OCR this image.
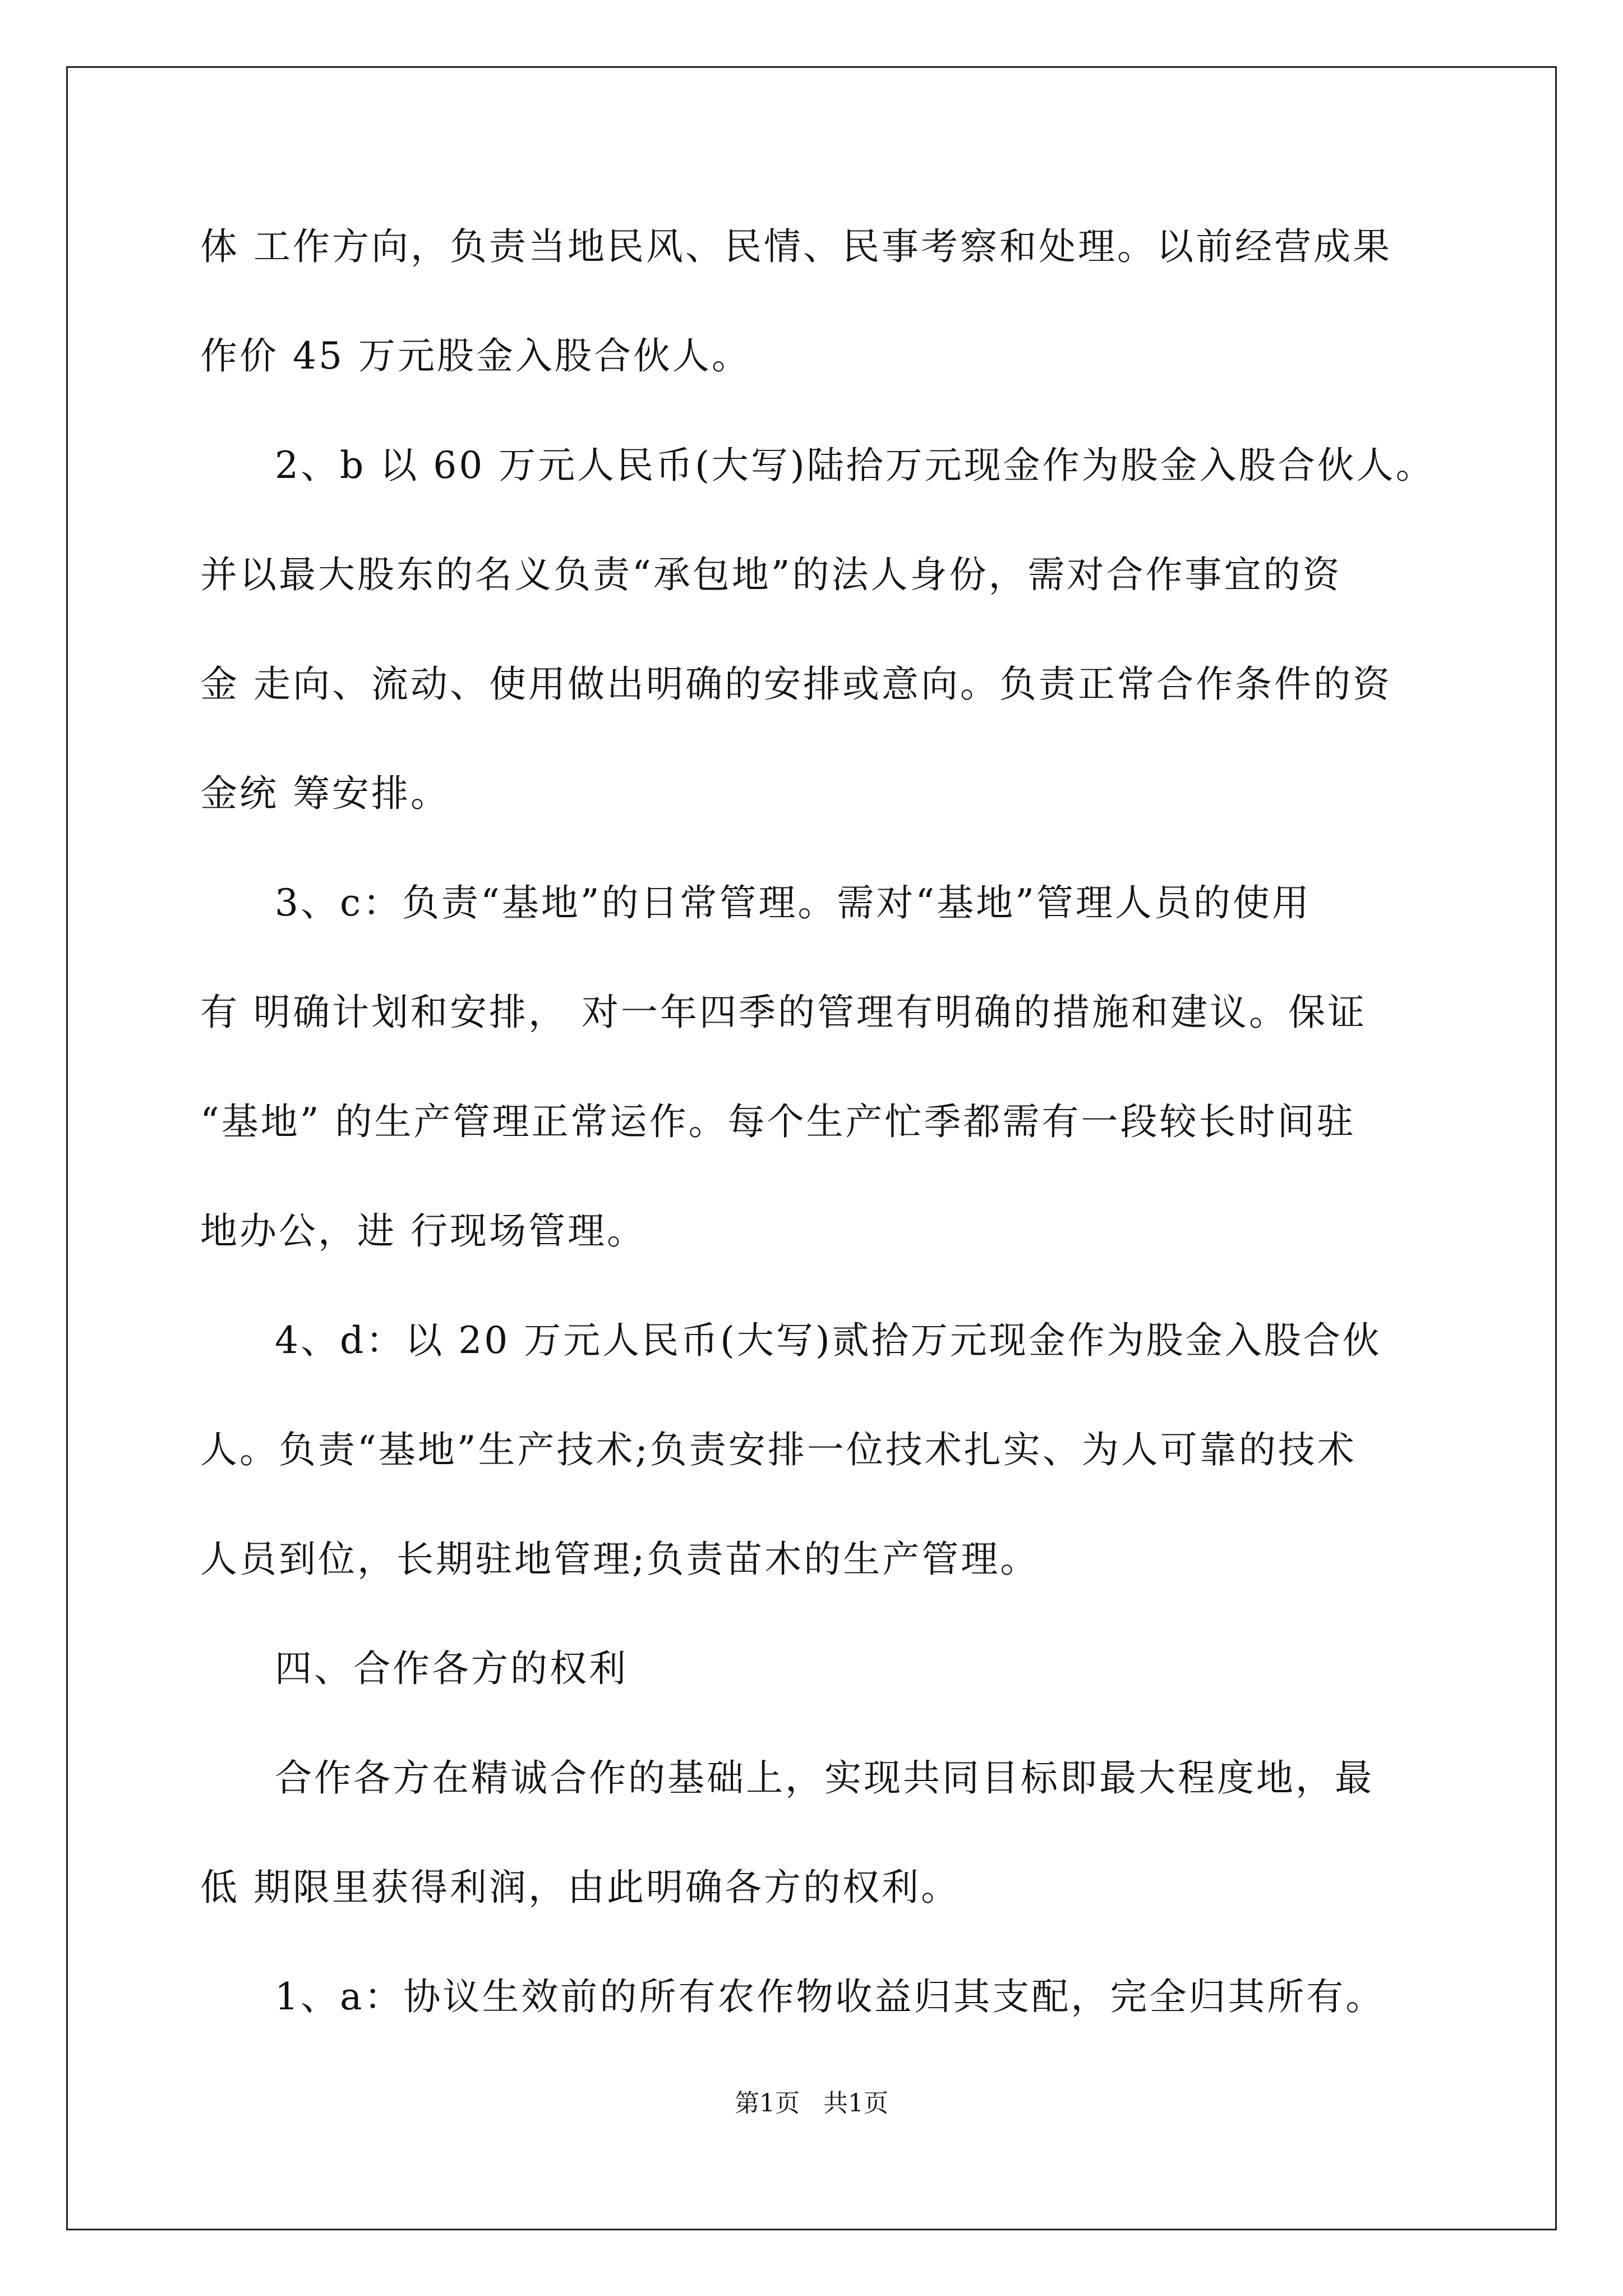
体 工作方向，负责当地民风、民情、民事考察和处理。以前经营成果
作价 45 万元股金入股合伙人。
2、b 以 60 万元人民币(大写)陆拾万元现金作为股金入股合伙人。
并以最大股东的名义负责“承包地”的法人身份，需对合作事宜的资
金 走向、流动、使用做出明确的安排或意向。负责正常合作条件的资
金统 筹安排。
3、c：负责“基地”的日常管理。需对“基地”管理人员的使用
有 明确计划和安排， 对一年四季的管理有明确的措施和建议。保证
“基地” 的生产管理正常运作。每个生产忙季都需有一段较长时间驻
地办公，进 行现场管理。
4、d：以 20 万元人民币(大写)贰拾万元现金作为股金入股合伙
人。负责“基地”生产技术;负责安排一位技术扎实、为人可靠的技术
人员到位，长期驻地管理;负责苗木的生产管理。
四、合作各方的权利
合作各方在精诚合作的基础上，实现共同目标即最大程度地，最
低 期限里获得利润，由此明确各方的权利。
1、a：协议生效前的所有农作物收益归其支配，完全归其所有。
第1页   共1页
